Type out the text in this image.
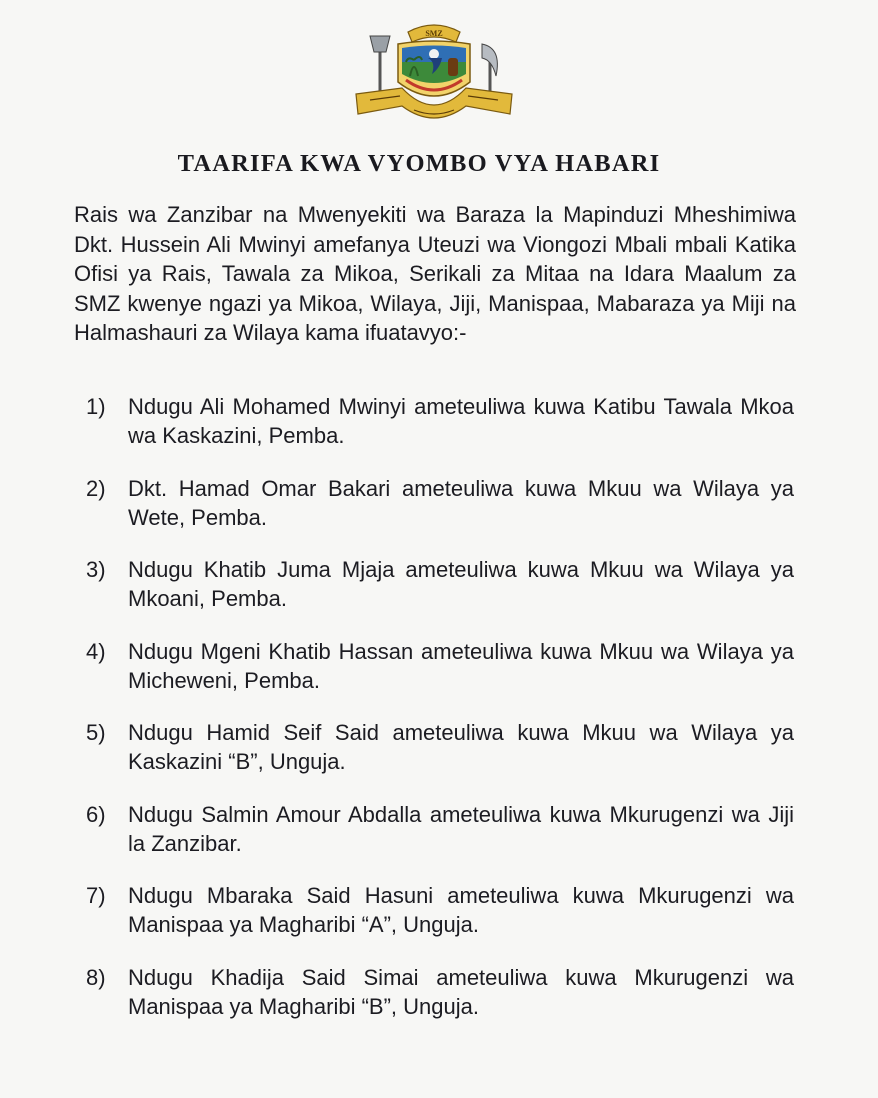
SMZ
TAARIFA KWA VYOMBO VYA HABARI

Rais wa Zanzibar na Mwenyekiti wa Baraza la Mapinduzi Mheshimiwa Dkt. Hussein Ali Mwinyi amefanya Uteuzi wa Viongozi Mbali mbali Katika Ofisi ya Rais, Tawala za Mikoa, Serikali za Mitaa na Idara Maalum za SMZ kwenye ngazi ya Mikoa, Wilaya, Jiji, Manispaa, Mabaraza ya Miji na Halmashauri za Wilaya kama ifuatavyo:-

1) Ndugu Ali Mohamed Mwinyi ameteuliwa kuwa Katibu Tawala Mkoa wa Kaskazini, Pemba.

2) Dkt. Hamad Omar Bakari ameteuliwa kuwa Mkuu wa Wilaya ya Wete, Pemba.

3) Ndugu Khatib Juma Mjaja ameteuliwa kuwa Mkuu wa Wilaya ya Mkoani, Pemba.

4) Ndugu Mgeni Khatib Hassan ameteuliwa kuwa Mkuu wa Wilaya ya Micheweni, Pemba.

5) Ndugu Hamid Seif Said ameteuliwa kuwa Mkuu wa Wilaya ya Kaskazini “B”, Unguja.

6) Ndugu Salmin Amour Abdalla ameteuliwa kuwa Mkurugenzi wa Jiji la Zanzibar.

7) Ndugu Mbaraka Said Hasuni ameteuliwa kuwa Mkurugenzi wa Manispaa ya Magharibi “A”, Unguja.

8) Ndugu Khadija Said Simai ameteuliwa kuwa Mkurugenzi wa Manispaa ya Magharibi “B”, Unguja.
